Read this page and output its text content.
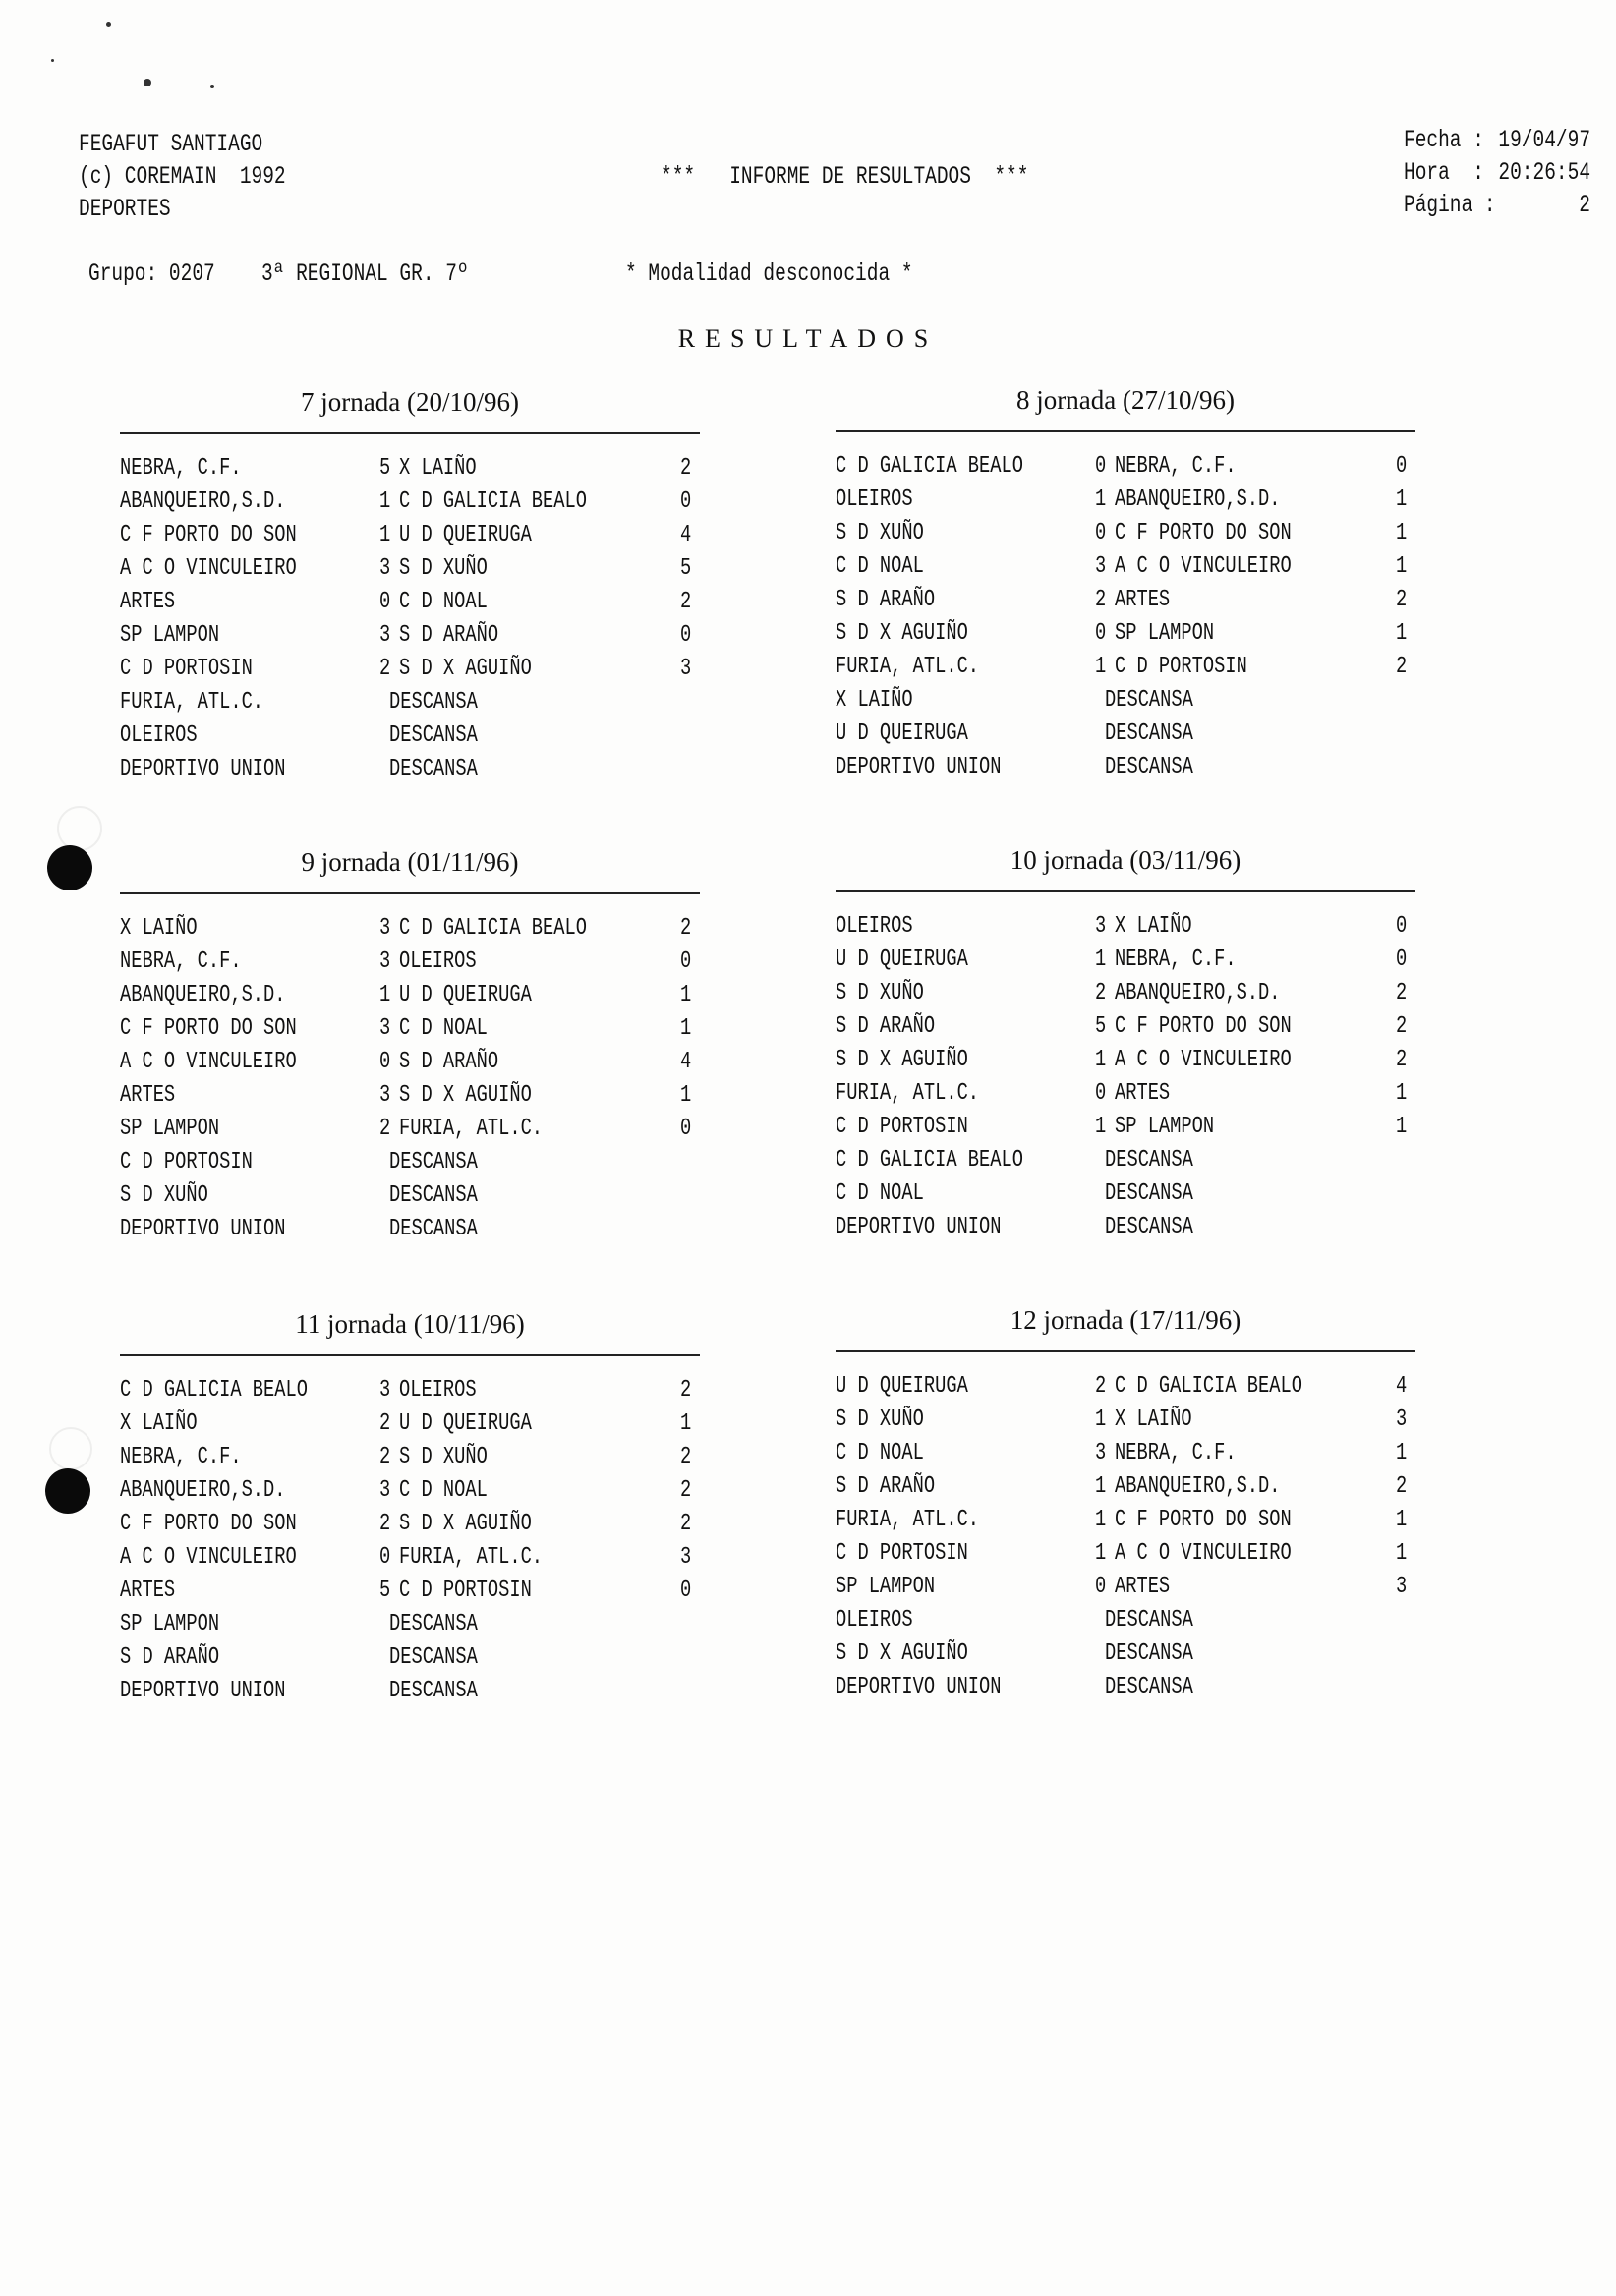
FEGAFUT SANTIAGO
(c) COREMAIN  1992
DEPORTES
***   INFORME DE RESULTADOS  ***
Fecha : 19/04/97
Hora  : 20:26:54
Página :	2
Grupo: 0207 3ª REGIONAL GR. 7º	* Modalidad desconocida *
RESULTADOS
7 jornada (20/10/96)
NEBRA, C.F.	5 X LAIÑO	2
ABANQUEIRO,S.D.	1 C D GALICIA BEALO	0
C F PORTO DO SON	1 U D QUEIRUGA	4
A C O VINCULEIRO	3 S D XUÑO	5
ARTES	0 C D NOAL	2
SP LAMPON	3 S D ARAÑO	0
C D PORTOSIN	2 S D X AGUIÑO	3
FURIA, ATL.C.	DESCANSA
OLEIROS	DESCANSA
DEPORTIVO UNION	DESCANSA
8 jornada (27/10/96)
C D GALICIA BEALO	0 NEBRA, C.F.	0
OLEIROS	1 ABANQUEIRO,S.D.	1
S D XUÑO	0 C F PORTO DO SON	1
C D NOAL	3 A C O VINCULEIRO	1
S D ARAÑO	2 ARTES	2
S D X AGUIÑO	0 SP LAMPON	1
FURIA, ATL.C.	1 C D PORTOSIN	2
X LAIÑO	DESCANSA
U D QUEIRUGA	DESCANSA
DEPORTIVO UNION	DESCANSA
9 jornada (01/11/96)
X LAIÑO	3 C D GALICIA BEALO	2
NEBRA, C.F.	3 OLEIROS	0
ABANQUEIRO,S.D.	1 U D QUEIRUGA	1
C F PORTO DO SON	3 C D NOAL	1
A C O VINCULEIRO	0 S D ARAÑO	4
ARTES	3 S D X AGUIÑO	1
SP LAMPON	2 FURIA, ATL.C.	0
C D PORTOSIN	DESCANSA
S D XUÑO	DESCANSA
DEPORTIVO UNION	DESCANSA
10 jornada (03/11/96)
OLEIROS	3 X LAIÑO	0
U D QUEIRUGA	1 NEBRA, C.F.	0
S D XUÑO	2 ABANQUEIRO,S.D.	2
S D ARAÑO	5 C F PORTO DO SON	2
S D X AGUIÑO	1 A C O VINCULEIRO	2
FURIA, ATL.C.	0 ARTES	1
C D PORTOSIN	1 SP LAMPON	1
C D GALICIA BEALO	DESCANSA
C D NOAL	DESCANSA
DEPORTIVO UNION	DESCANSA
11 jornada (10/11/96)
C D GALICIA BEALO	3 OLEIROS	2
X LAIÑO	2 U D QUEIRUGA	1
NEBRA, C.F.	2 S D XUÑO	2
ABANQUEIRO,S.D.	3 C D NOAL	2
C F PORTO DO SON	2 S D X AGUIÑO	2
A C O VINCULEIRO	0 FURIA, ATL.C.	3
ARTES	5 C D PORTOSIN	0
SP LAMPON	DESCANSA
S D ARAÑO	DESCANSA
DEPORTIVO UNION	DESCANSA
12 jornada (17/11/96)
U D QUEIRUGA	2 C D GALICIA BEALO	4
S D XUÑO	1 X LAIÑO	3
C D NOAL	3 NEBRA, C.F.	1
S D ARAÑO	1 ABANQUEIRO,S.D.	2
FURIA, ATL.C.	1 C F PORTO DO SON	1
C D PORTOSIN	1 A C O VINCULEIRO	1
SP LAMPON	0 ARTES	3
OLEIROS	DESCANSA
S D X AGUIÑO	DESCANSA
DEPORTIVO UNION	DESCANSA
